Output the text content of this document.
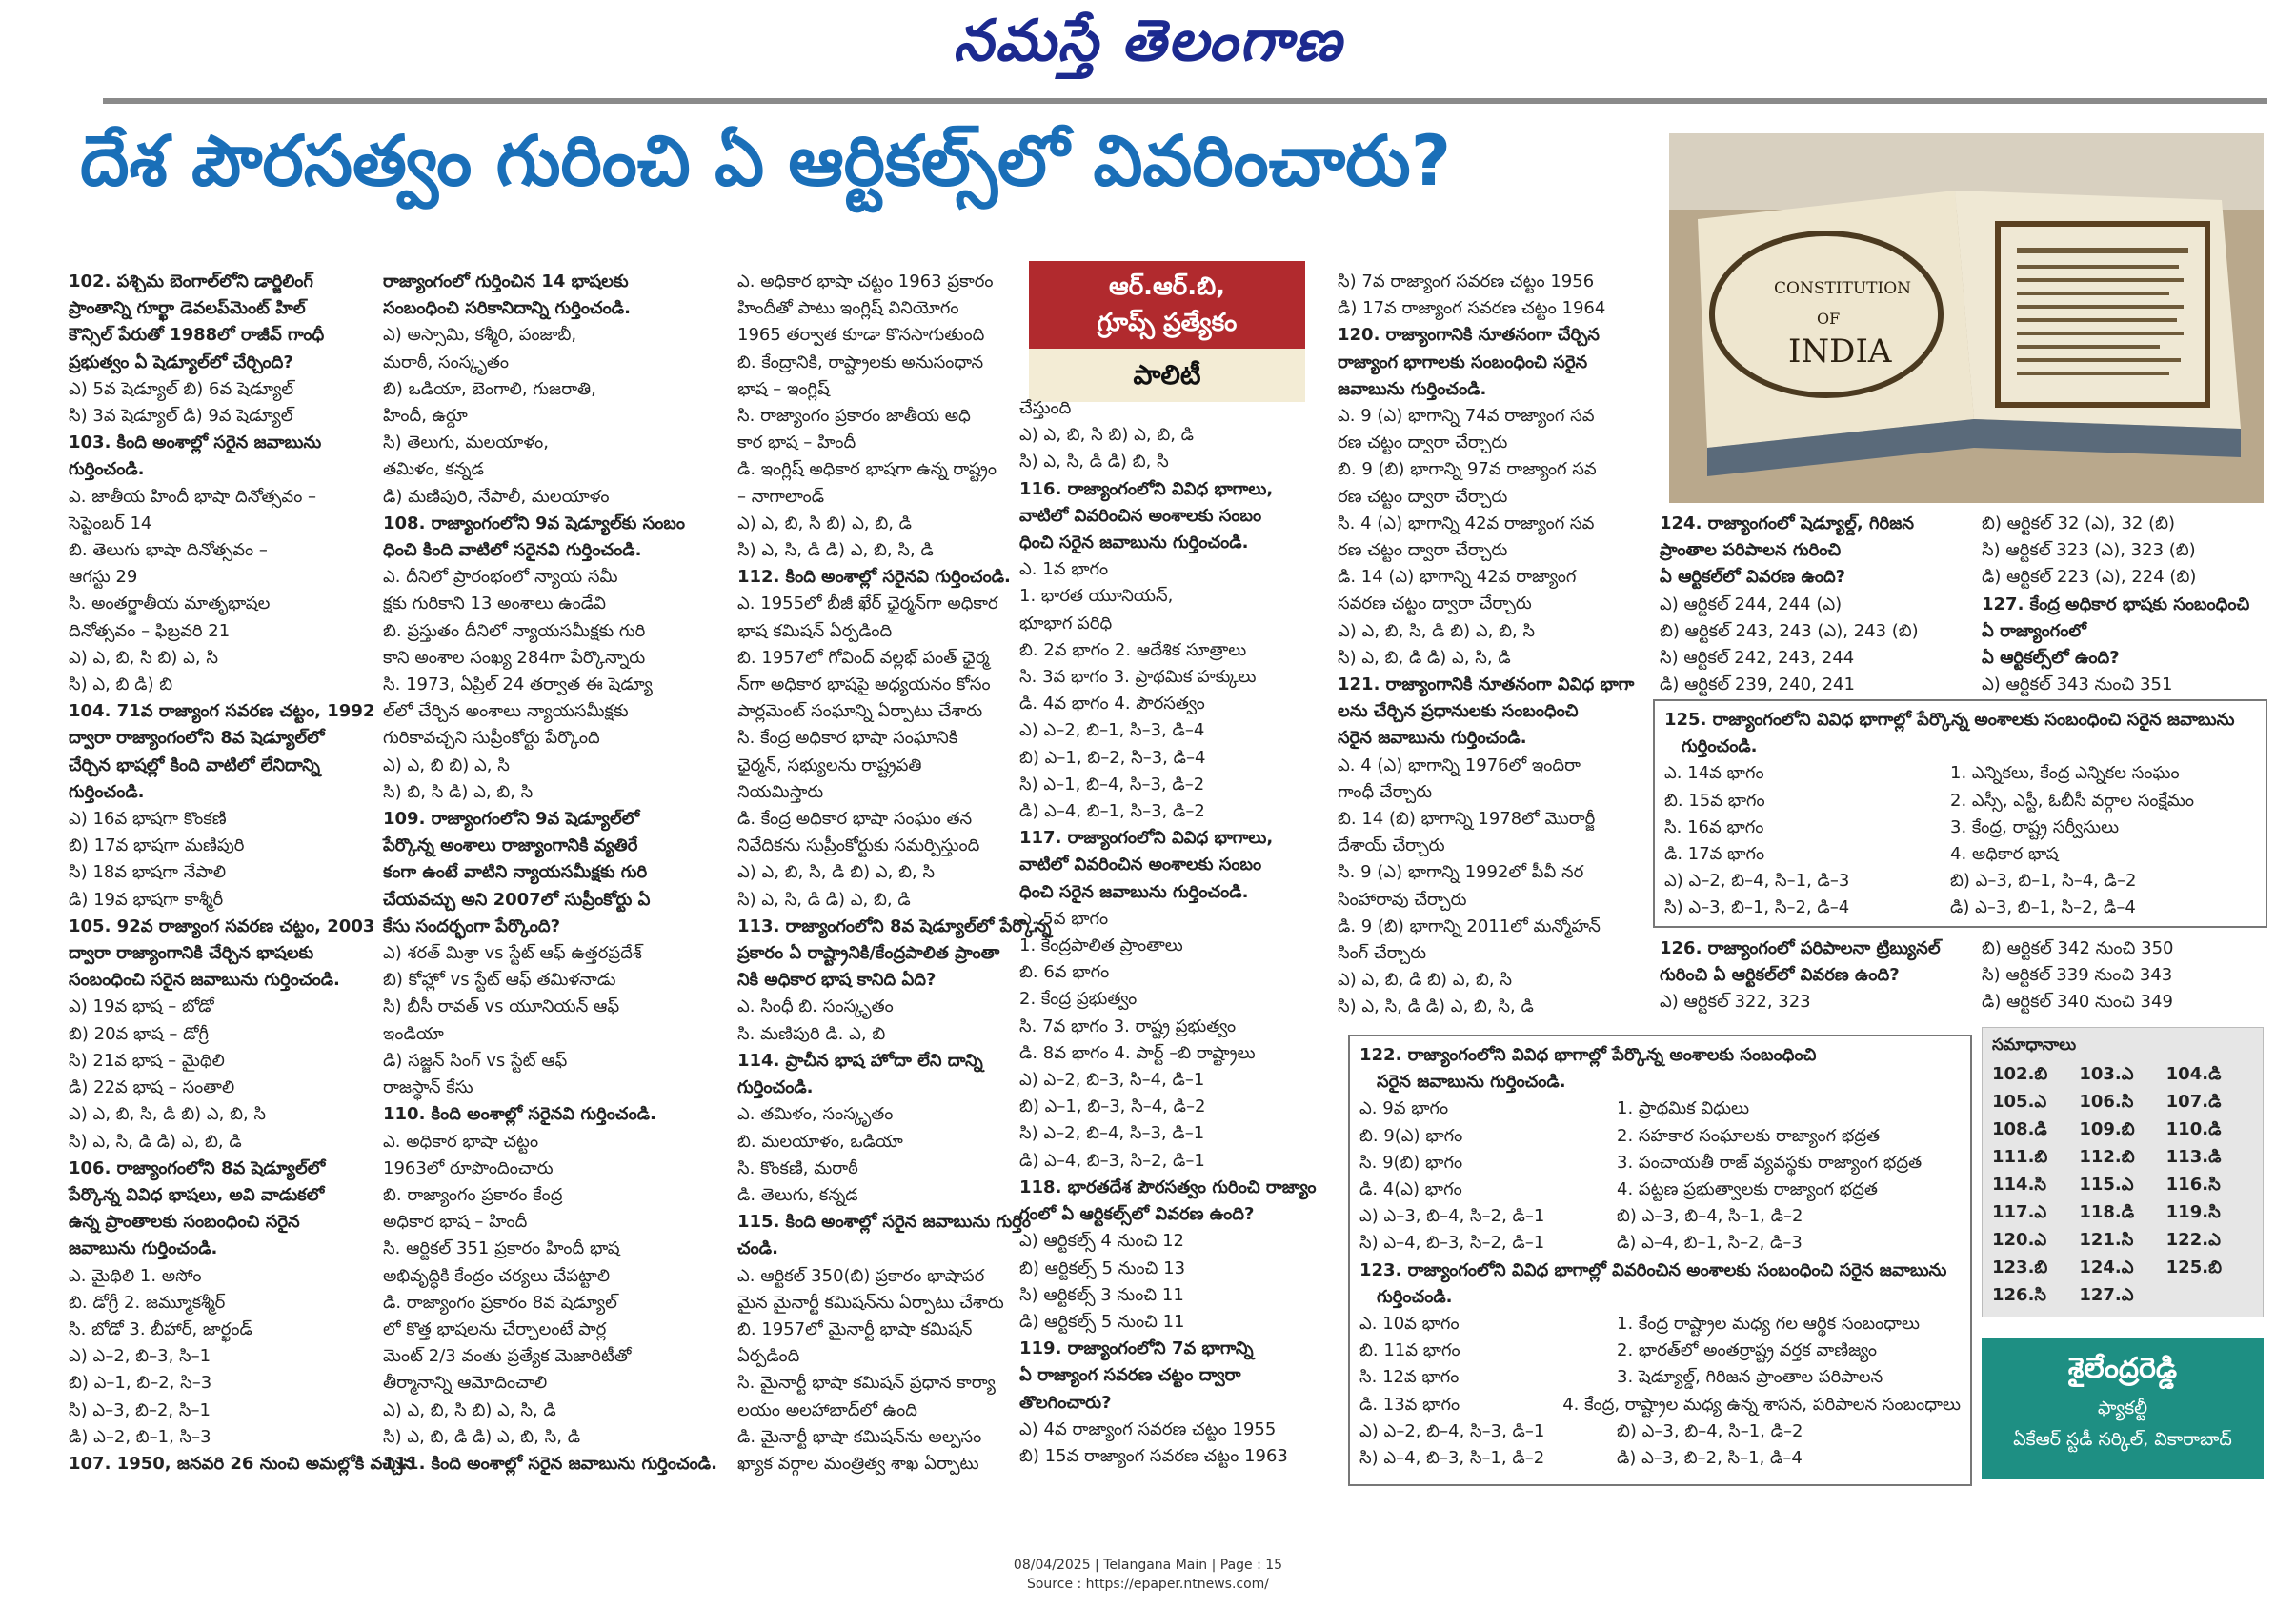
నమస్తే తెలంగాణ
దేశ పౌరసత్వం గురించి ఏ ఆర్టికల్స్‌లో వివరించారు?
CONSTITUTION
OF
INDIA

102. పశ్చిమ బెంగాల్‌లోని డార్జిలింగ్

ప్రాంతాన్ని గూర్ఖా డెవలప్‌మెంట్ హిల్

కౌన్సిల్ పేరుతో 1988లో రాజీవ్ గాంధీ

ప్రభుత్వం ఏ షెడ్యూల్‌లో చేర్చింది?

ఎ) 5వ షెడ్యూల్ బి) 6వ షెడ్యూల్

సి) 3వ షెడ్యూల్ డి) 9వ షెడ్యూల్

103. కింది అంశాల్లో సరైన జవాబును

గుర్తించండి.

ఎ. జాతీయ హిందీ భాషా దినోత్సవం –

సెప్టెంబర్ 14

బి. తెలుగు భాషా దినోత్సవం –

ఆగస్టు 29

సి. అంతర్జాతీయ మాతృభాషల

దినోత్సవం – ఫిబ్రవరి 21

ఎ) ఎ, బి, సి బి) ఎ, సి

సి) ఎ, బి డి) బి

104. 71వ రాజ్యాంగ సవరణ చట్టం, 1992

ద్వారా రాజ్యాంగంలోని 8వ షెడ్యూల్‌లో

చేర్చిన భాషల్లో కింది వాటిలో లేనిదాన్ని

గుర్తించండి.

ఎ) 16వ భాషగా కొంకణి

బి) 17వ భాషగా మణిపురి

సి) 18వ భాషగా నేపాలి

డి) 19వ భాషగా కాశ్మీరీ

105. 92వ రాజ్యాంగ సవరణ చట్టం, 2003

ద్వారా రాజ్యాంగానికి చేర్చిన భాషలకు

సంబంధించి సరైన జవాబును గుర్తించండి.

ఎ) 19వ భాష – బోడో

బి) 20వ భాష – డోగ్రీ

సి) 21వ భాష – మైథిలి

డి) 22వ భాష – సంతాలి

ఎ) ఎ, బి, సి, డి బి) ఎ, బి, సి

సి) ఎ, సి, డి డి) ఎ, బి, డి

106. రాజ్యాంగంలోని 8వ షెడ్యూల్‌లో

పేర్కొన్న వివిధ భాషలు, అవి వాడుకలో

ఉన్న ప్రాంతాలకు సంబంధించి సరైన

జవాబును గుర్తించండి.

ఎ. మైథిలి 1. అసోం

బి. డోగ్రీ 2. జమ్మూకశ్మీర్

సి. బోడో 3. బీహార్, జార్ఖండ్

ఎ) ఎ–2, బి–3, సి–1

బి) ఎ–1, బి–2, సి–3

సి) ఎ–3, బి–2, సి–1

డి) ఎ–2, బి–1, సి–3

107. 1950, జనవరి 26 నుంచి అమల్లోకి వచ్చిన

రాజ్యాంగంలో గుర్తించిన 14 భాషలకు

సంబంధించి సరికానిదాన్ని గుర్తించండి.

ఎ) అస్సామి, కశ్మీరి, పంజాబీ,

మరాఠీ, సంస్కృతం

బి) ఒడియా, బెంగాలి, గుజరాతి,

హిందీ, ఉర్దూ

సి) తెలుగు, మలయాళం,

తమిళం, కన్నడ

డి) మణిపురి, నేపాలీ, మలయాళం

108. రాజ్యాంగంలోని 9వ షెడ్యూల్‌కు సంబం

ధించి కింది వాటిలో సరైనవి గుర్తించండి.

ఎ. దీనిలో ప్రారంభంలో న్యాయ సమీ

క్షకు గురికాని 13 అంశాలు ఉండేవి

బి. ప్రస్తుతం దీనిలో న్యాయసమీక్షకు గురి

కాని అంశాల సంఖ్య 284గా పేర్కొన్నారు

సి. 1973, ఏప్రిల్ 24 తర్వాత ఈ షెడ్యూ

ల్‌లో చేర్చిన అంశాలు న్యాయసమీక్షకు

గురికావచ్చని సుప్రీంకోర్టు పేర్కొంది

ఎ) ఎ, బి బి) ఎ, సి

సి) బి, సి డి) ఎ, బి, సి

109. రాజ్యాంగంలోని 9వ షెడ్యూల్‌లో

పేర్కొన్న అంశాలు రాజ్యాంగానికి వ్యతిరే

కంగా ఉంటే వాటిని న్యాయసమీక్షకు గురి

చేయవచ్చు అని 2007లో సుప్రీంకోర్టు ఏ

కేసు సందర్భంగా పేర్కొంది?

ఎ) శరత్ మిశ్రా vs స్టేట్ ఆఫ్ ఉత్తరప్రదేశ్

బి) కోహ్లో vs స్టేట్ ఆఫ్ తమిళనాడు

సి) బీసీ రావత్ vs యూనియన్ ఆఫ్

ఇండియా

డి) సజ్జన్ సింగ్ vs స్టేట్ ఆఫ్

రాజస్థాన్ కేసు

110. కింది అంశాల్లో సరైనవి గుర్తించండి.

ఎ. అధికార భాషా చట్టం

1963లో రూపొందించారు

బి. రాజ్యాంగం ప్రకారం కేంద్ర

అధికార భాష – హిందీ

సి. ఆర్టికల్ 351 ప్రకారం హిందీ భాష

అభివృద్ధికి కేంద్రం చర్యలు చేపట్టాలి

డి. రాజ్యాంగం ప్రకారం 8వ షెడ్యూల్

లో కొత్త భాషలను చేర్చాలంటే పార్ల

మెంట్ 2/3 వంతు ప్రత్యేక మెజారిటీతో

తీర్మానాన్ని ఆమోదించాలి

ఎ) ఎ, బి, సి బి) ఎ, సి, డి

సి) ఎ, బి, డి డి) ఎ, బి, సి, డి

111. కింది అంశాల్లో సరైన జవాబును గుర్తించండి.

ఎ. అధికార భాషా చట్టం 1963 ప్రకారం

హిందీతో పాటు ఇంగ్లిష్ వినియోగం

1965 తర్వాత కూడా కొనసాగుతుంది

బి. కేంద్రానికి, రాష్ట్రాలకు అనుసంధాన

భాష – ఇంగ్లిష్

సి. రాజ్యాంగం ప్రకారం జాతీయ అధి

కార భాష – హిందీ

డి. ఇంగ్లిష్ అధికార భాషగా ఉన్న రాష్ట్రం

– నాగాలాండ్

ఎ) ఎ, బి, సి బి) ఎ, బి, డి

సి) ఎ, సి, డి డి) ఎ, బి, సి, డి

112. కింది అంశాల్లో సరైనవి గుర్తించండి.

ఎ. 1955లో బీజీ ఖేర్ ఛైర్మన్‌గా అధికార

భాష కమిషన్ ఏర్పడింది

బి. 1957లో గోవింద్ వల్లభ్ పంత్ ఛైర్మ

న్‌గా అధికార భాషపై అధ్యయనం కోసం

పార్లమెంట్ సంఘాన్ని ఏర్పాటు చేశారు

సి. కేంద్ర అధికార భాషా సంఘానికి

ఛైర్మన్, సభ్యులను రాష్ట్రపతి

నియమిస్తారు

డి. కేంద్ర అధికార భాషా సంఘం తన

నివేదికను సుప్రీంకోర్టుకు సమర్పిస్తుంది

ఎ) ఎ, బి, సి, డి బి) ఎ, బి, సి

సి) ఎ, సి, డి డి) ఎ, బి, డి

113. రాజ్యాంగంలోని 8వ షెడ్యూల్‌లో పేర్కొన్న

ప్రకారం ఏ రాష్ట్రానికి/కేంద్రపాలిత ప్రాంతా

నికి అధికార భాష కానిది ఏది?

ఎ. సింధీ బి. సంస్కృతం

సి. మణిపురి డి. ఎ, బి

114. ప్రాచీన భాష హోదా లేని దాన్ని

గుర్తించండి.

ఎ. తమిళం, సంస్కృతం

బి. మలయాళం, ఒడియా

సి. కొంకణి, మరాఠీ

డి. తెలుగు, కన్నడ

115. కింది అంశాల్లో సరైన జవాబును గుర్తిం

చండి.

ఎ. ఆర్టికల్ 350(బి) ప్రకారం భాషాపర

మైన మైనార్టీ కమిషన్‌ను ఏర్పాటు చేశారు

బి. 1957లో మైనార్టీ భాషా కమిషన్

ఏర్పడింది

సి. మైనార్టీ భాషా కమిషన్ ప్రధాన కార్యా

లయం అలహాబాద్‌లో ఉంది

డి. మైనార్టీ భాషా కమిషన్‌ను అల్పసం

ఖ్యాక వర్గాల మంత్రిత్వ శాఖ ఏర్పాటు

ఆర్.ఆర్.బి,
గ్రూప్స్ ప్రత్యేకం
పాలిటీ

చేస్తుంది

ఎ) ఎ, బి, సి బి) ఎ, బి, డి

సి) ఎ, సి, డి డి) బి, సి

116. రాజ్యాంగంలోని వివిధ భాగాలు,

వాటిలో వివరించిన అంశాలకు సంబం

ధించి సరైన జవాబును గుర్తించండి.

ఎ. 1వ భాగం

1. భారత యూనియన్,

భూభాగ పరిధి

బి. 2వ భాగం 2. ఆదేశిక సూత్రాలు

సి. 3వ భాగం 3. ప్రాథమిక హక్కులు

డి. 4వ భాగం 4. పౌరసత్వం

ఎ) ఎ–2, బి–1, సి–3, డి–4

బి) ఎ–1, బి–2, సి–3, డి–4

సి) ఎ–1, బి–4, సి–3, డి–2

డి) ఎ–4, బి–1, సి–3, డి–2

117. రాజ్యాంగంలోని వివిధ భాగాలు,

వాటిలో వివరించిన అంశాలకు సంబం

ధించి సరైన జవాబును గుర్తించండి.

ఎ. 5వ భాగం

1. కేంద్రపాలిత ప్రాంతాలు

బి. 6వ భాగం

2. కేంద్ర ప్రభుత్వం

సి. 7వ భాగం 3. రాష్ట్ర ప్రభుత్వం

డి. 8వ భాగం 4. పార్ట్ –బి రాష్ట్రాలు

ఎ) ఎ–2, బి–3, సి–4, డి–1

బి) ఎ–1, బి–3, సి–4, డి–2

సి) ఎ–2, బి–4, సి–3, డి–1

డి) ఎ–4, బి–3, సి–2, డి–1

118. భారతదేశ పౌరసత్వం గురించి రాజ్యాం

గంలో ఏ ఆర్టికల్స్‌లో వివరణ ఉంది?

ఎ) ఆర్టికల్స్ 4 నుంచి 12

బి) ఆర్టికల్స్ 5 నుంచి 13

సి) ఆర్టికల్స్ 3 నుంచి 11

డి) ఆర్టికల్స్ 5 నుంచి 11

119. రాజ్యాంగంలోని 7వ భాగాన్ని

ఏ రాజ్యాంగ సవరణ చట్టం ద్వారా

తొలగించారు?

ఎ) 4వ రాజ్యాంగ సవరణ చట్టం 1955

బి) 15వ రాజ్యాంగ సవరణ చట్టం 1963

సి) 7వ రాజ్యాంగ సవరణ చట్టం 1956

డి) 17వ రాజ్యాంగ సవరణ చట్టం 1964

120. రాజ్యాంగానికి నూతనంగా చేర్చిన

రాజ్యాంగ భాగాలకు సంబంధించి సరైన

జవాబును గుర్తించండి.

ఎ. 9 (ఎ) భాగాన్ని 74వ రాజ్యాంగ సవ

రణ చట్టం ద్వారా చేర్చారు

బి. 9 (బి) భాగాన్ని 97వ రాజ్యాంగ సవ

రణ చట్టం ద్వారా చేర్చారు

సి. 4 (ఎ) భాగాన్ని 42వ రాజ్యాంగ సవ

రణ చట్టం ద్వారా చేర్చారు

డి. 14 (ఎ) భాగాన్ని 42వ రాజ్యాంగ

సవరణ చట్టం ద్వారా చేర్చారు

ఎ) ఎ, బి, సి, డి బి) ఎ, బి, సి

సి) ఎ, బి, డి డి) ఎ, సి, డి

121. రాజ్యాంగానికి నూతనంగా వివిధ భాగా

లను చేర్చిన ప్రధానులకు సంబంధించి

సరైన జవాబును గుర్తించండి.

ఎ. 4 (ఎ) భాగాన్ని 1976లో ఇందిరా

గాంధీ చేర్చారు

బి. 14 (బి) భాగాన్ని 1978లో మొరార్జీ

దేశాయ్ చేర్చారు

సి. 9 (ఎ) భాగాన్ని 1992లో పీవీ నర

సింహారావు చేర్చారు

డి. 9 (బి) భాగాన్ని 2011లో మన్మోహన్

సింగ్ చేర్చారు

ఎ) ఎ, బి, డి బి) ఎ, బి, సి

సి) ఎ, సి, డి డి) ఎ, బి, సి, డి

124. రాజ్యాంగంలో షెడ్యూల్డ్, గిరిజన

ప్రాంతాల పరిపాలన గురించి

ఏ ఆర్టికల్‌లో వివరణ ఉంది?

ఎ) ఆర్టికల్ 244, 244 (ఎ)

బి) ఆర్టికల్ 243, 243 (ఎ), 243 (బి)

సి) ఆర్టికల్ 242, 243, 244

డి) ఆర్టికల్ 239, 240, 241

బి) ఆర్టికల్ 32 (ఎ), 32 (బి)

సి) ఆర్టికల్ 323 (ఎ), 323 (బి)

డి) ఆర్టికల్ 223 (ఎ), 224 (బి)

127. కేంద్ర అధికార భాషకు సంబంధించి

ఏ రాజ్యాంగంలో

ఏ ఆర్టికల్స్‌లో ఉంది?

ఎ) ఆర్టికల్ 343 నుంచి 351

125. రాజ్యాంగంలోని వివిధ భాగాల్లో పేర్కొన్న అంశాలకు సంబంధించి సరైన జవాబును

గుర్తించండి.

ఎ. 14వ భాగం	1. ఎన్నికలు, కేంద్ర ఎన్నికల సంఘం
బి. 15వ భాగం	2. ఎస్సీ, ఎస్టీ, ఓబీసీ వర్గాల సంక్షేమం
సి. 16వ భాగం	3. కేంద్ర, రాష్ట్ర సర్వీసులు
డి. 17వ భాగం	4. అధికార భాష
ఎ) ఎ–2, బి–4, సి–1, డి–3	బి) ఎ–3, బి–1, సి–4, డి–2
సి) ఎ–3, బి–1, సి–2, డి–4	డి) ఎ–3, బి–1, సి–2, డి–4

126. రాజ్యాంగంలో పరిపాలనా ట్రిబ్యునల్

గురించి ఏ ఆర్టికల్‌లో వివరణ ఉంది?

ఎ) ఆర్టికల్ 322, 323

బి) ఆర్టికల్ 342 నుంచి 350

సి) ఆర్టికల్ 339 నుంచి 343

డి) ఆర్టికల్ 340 నుంచి 349

122. రాజ్యాంగంలోని వివిధ భాగాల్లో పేర్కొన్న అంశాలకు సంబంధించి

సరైన జవాబును గుర్తించండి.

ఎ. 9వ భాగం	1. ప్రాథమిక విధులు
బి. 9(ఎ) భాగం	2. సహకార సంఘాలకు రాజ్యాంగ భద్రత
సి. 9(బి) భాగం	3. పంచాయతీ రాజ్ వ్యవస్థకు రాజ్యాంగ భద్రత
డి. 4(ఎ) భాగం	4. పట్టణ ప్రభుత్వాలకు రాజ్యాంగ భద్రత
ఎ) ఎ–3, బి–4, సి–2, డి–1	బి) ఎ–3, బి–4, సి–1, డి–2
సి) ఎ–4, బి–3, సి–2, డి–1	డి) ఎ–4, బి–1, సి–2, డి–3

123. రాజ్యాంగంలోని వివిధ భాగాల్లో వివరించిన అంశాలకు సంబంధించి సరైన జవాబును

గుర్తించండి.

ఎ. 10వ భాగం	1. కేంద్ర రాష్ట్రాల మధ్య గల ఆర్థిక సంబంధాలు
బి. 11వ భాగం	2. భారత్‌లో అంతర్రాష్ట్ర వర్తక వాణిజ్యం
సి. 12వ భాగం	3. షెడ్యూల్డ్, గిరిజన ప్రాంతాల పరిపాలన
డి. 13వ భాగం	4. కేంద్ర, రాష్ట్రాల మధ్య ఉన్న శాసన, పరిపాలన సంబంధాలు
ఎ) ఎ–2, బి–4, సి–3, డి–1	బి) ఎ–3, బి–4, సి–1, డి–2
సి) ఎ–4, బి–3, సి–1, డి–2	డి) ఎ–3, బి–2, సి–1, డి–4
సమాధానాలు
102.బి	103.ఎ	104.డి
105.ఎ	106.సి	107.డి
108.డి	109.బి	110.డి
111.బి	112.బి	113.డి
114.సి	115.ఎ	116.సి
117.ఎ	118.డి	119.సి
120.ఎ	121.సి	122.ఎ
123.బి	124.ఎ	125.బి
126.సి	127.ఎ
శైలేంద్రరెడ్డి
ఫ్యాకల్టీ
ఏకేఆర్ స్టడీ సర్కిల్, వికారాబాద్
08/04/2025 | Telangana Main | Page : 15
Source : https://epaper.ntnews.com/
